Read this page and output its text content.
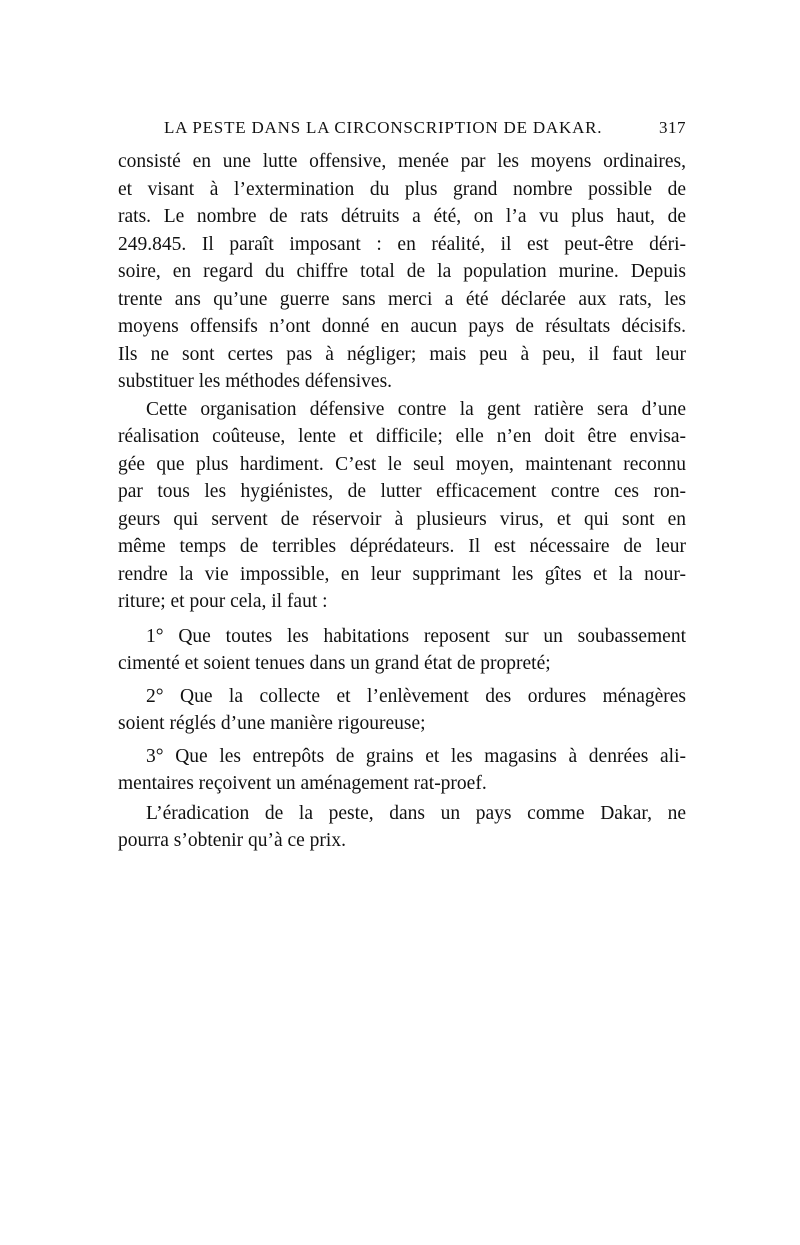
LA PESTE DANS LA CIRCONSCRIPTION DE DAKAR.	317

consisté en une lutte offensive, menée par les moyens ordinaires,

et visant à l’extermination du plus grand nombre possible de

rats. Le nombre de rats détruits a été, on l’a vu plus haut, de

249.845. Il paraît imposant : en réalité, il est peut-être déri-

soire, en regard du chiffre total de la population murine. Depuis

trente ans qu’une guerre sans merci a été déclarée aux rats, les

moyens offensifs n’ont donné en aucun pays de résultats décisifs.

Ils ne sont certes pas à négliger; mais peu à peu, il faut leur

substituer les méthodes défensives.

Cette organisation défensive contre la gent ratière sera d’une

réalisation coûteuse, lente et difficile; elle n’en doit être envisa-

gée que plus hardiment. C’est le seul moyen, maintenant reconnu

par tous les hygiénistes, de lutter efficacement contre ces ron-

geurs qui servent de réservoir à plusieurs virus, et qui sont en

même temps de terribles déprédateurs. Il est nécessaire de leur

rendre la vie impossible, en leur supprimant les gîtes et la nour-

riture; et pour cela, il faut :

1° Que toutes les habitations reposent sur un soubassement

cimenté et soient tenues dans un grand état de propreté;

2° Que la collecte et l’enlèvement des ordures ménagères

soient réglés d’une manière rigoureuse;

3° Que les entrepôts de grains et les magasins à denrées ali-

mentaires reçoivent un aménagement rat-proef.

L’éradication de la peste, dans un pays comme Dakar, ne

pourra s’obtenir qu’à ce prix.
